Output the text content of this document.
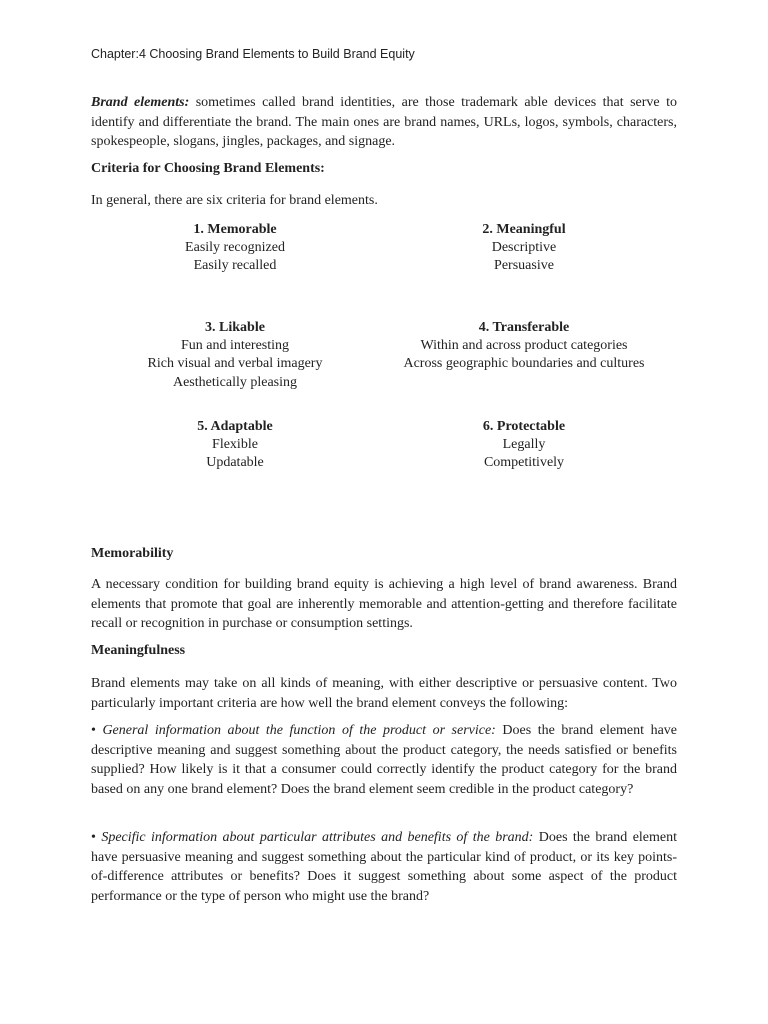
Chapter:4 Choosing Brand Elements to Build Brand Equity
Brand elements: sometimes called brand identities, are those trademark able devices that serve to identify and differentiate the brand. The main ones are brand names, URLs, logos, symbols, characters, spokespeople, slogans, jingles, packages, and signage.
Criteria for Choosing Brand Elements:
In general, there are six criteria for brand elements.
1. Memorable
Easily recognized
Easily recalled
2. Meaningful
Descriptive
Persuasive
3. Likable
Fun and interesting
Rich visual and verbal imagery
Aesthetically pleasing
4. Transferable
Within and across product categories
Across geographic boundaries and cultures
5. Adaptable
Flexible
Updatable
6. Protectable
Legally
Competitively
Memorability
A necessary condition for building brand equity is achieving a high level of brand awareness. Brand elements that promote that goal are inherently memorable and attention-getting and therefore facilitate recall or recognition in purchase or consumption settings.
Meaningfulness
Brand elements may take on all kinds of meaning, with either descriptive or persuasive content. Two particularly important criteria are how well the brand element conveys the following:
• General information about the function of the product or service: Does the brand element have descriptive meaning and suggest something about the product category, the needs satisfied or benefits supplied? How likely is it that a consumer could correctly identify the product category for the brand based on any one brand element? Does the brand element seem credible in the product category?
• Specific information about particular attributes and benefits of the brand: Does the brand element have persuasive meaning and suggest something about the particular kind of product, or its key points-of-difference attributes or benefits? Does it suggest something about some aspect of the product performance or the type of person who might use the brand?
